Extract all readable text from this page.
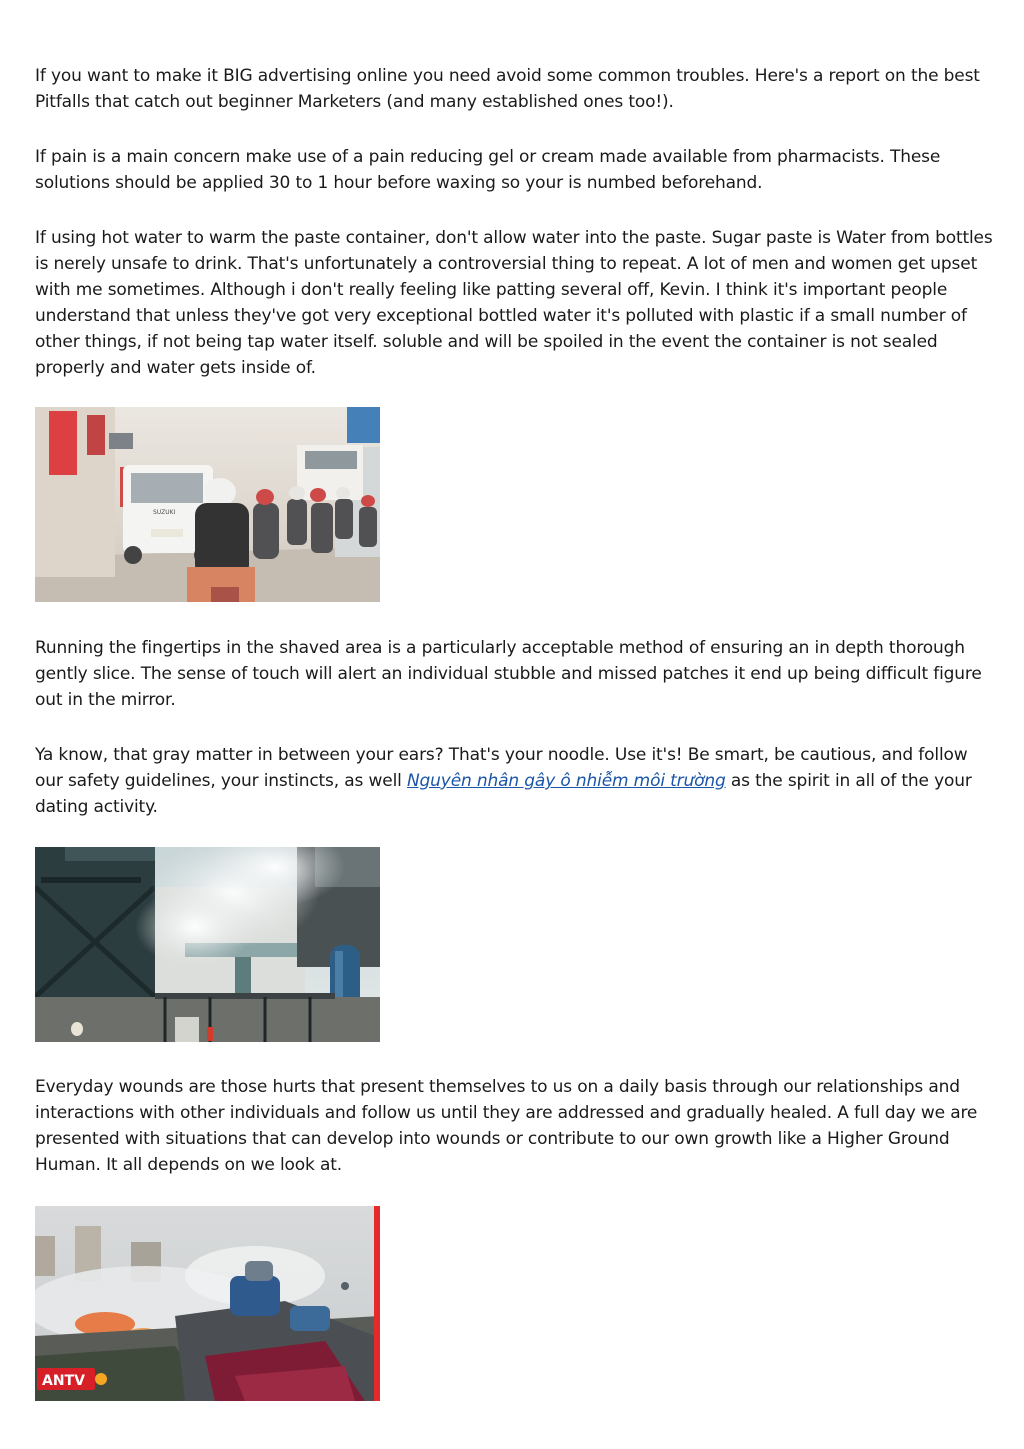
If you want to make it BIG advertising online you need avoid some common troubles. Here's a report on the best Pitfalls that catch out beginner Marketers (and many established ones too!).

If pain is a main concern make use of a pain reducing gel or cream made available from pharmacists. These solutions should be applied 30 to 1 hour before waxing so your is numbed beforehand.

If using hot water to warm the paste container, don't allow water into the paste. Sugar paste is Water from bottles is nerely unsafe to drink. That's unfortunately a controversial thing to repeat. A lot of men and women get upset with me sometimes. Although i don't really feeling like patting several off, Kevin. I think it's important people understand that unless they've got very exceptional bottled water it's polluted with plastic if a small number of other things, if not being tap water itself. soluble and will be spoiled in the event the container is not sealed properly and water gets inside of.

SUZUKI

Running the fingertips in the shaved area is a particularly acceptable method of ensuring an in depth thorough gently slice. The sense of touch will alert an individual stubble and missed patches it end up being difficult figure out in the mirror.

Ya know, that gray matter in between your ears? That's your noodle. Use it's! Be smart, be cautious, and follow our safety guidelines, your instincts, as well Nguyên nhân gây ô nhiễm môi trường as the spirit in all of the your dating activity.

Everyday wounds are those hurts that present themselves to us on a daily basis through our relationships and interactions with other individuals and follow us until they are addressed and gradually healed. A full day we are presented with situations that can develop into wounds or contribute to our own growth like a Higher Ground Human. It all depends on we look at.

ANTV
